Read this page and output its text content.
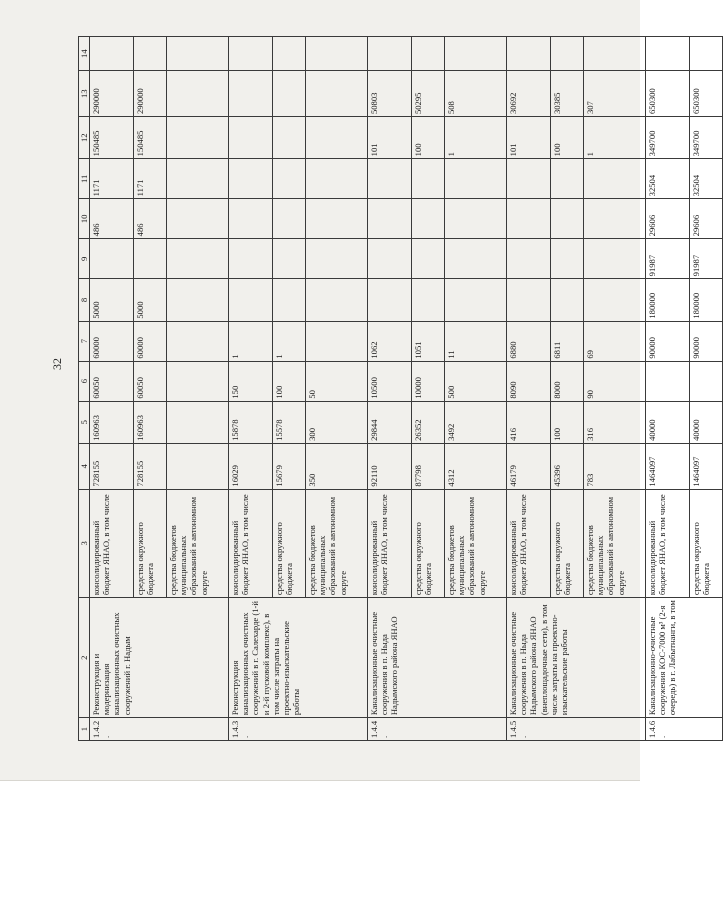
32
1	2	3	4	5	6	7	8	9	10	11	12	13	14
1.4.2.	Реконструкция и модернизация канализационных очистных сооружений г. Надым	консолидированный бюджет ЯНАО, в том числе	728155	160963	60050	60000	5000		486	1171	150485	290000	
		средства окружного бюджета	728155	160963	60050	60000	5000		486	1171	150485	290000	
		средства бюджетов муниципальных образований в автономном округе											
1.4.3.	Реконструкция канализационных очистных сооружений в г. Салехарде (1-й и 2-й пусковой комплекс), в том числе затраты на проектно-изыскательские работы	консолидированный бюджет ЯНАО, в том числе	16029	15878	150	1							
		средства окружного бюджета	15679	15578	100	1							
		средства бюджетов муниципальных образований в автономном округе	350	300	50								
1.4.4.	Канализационные очистные сооружения в п. Ныда Надымского района ЯНАО	консолидированный бюджет ЯНАО, в том числе	92110	29844	10500	1062					101	50803	
		средства окружного бюджета	87798	26352	10000	1051					100	50295	
		средства бюджетов муниципальных образований в автономном округе	4312	3492	500	11					1	508	
1.4.5.	Канализационные очистные сооружения в п. Ныда Надымского района ЯНАО (внеплощадочные сети), в том числе затраты на проектно-изыскательские работы	консолидированный бюджет ЯНАО, в том числе	46179	416	8090	6880					101	30692	
		средства окружного бюджета	45396	100	8000	6811					100	30385	
		средства бюджетов муниципальных образований в автономном округе	783	316	90	69					1	307	
1.4.6.	Канализационно-очистные сооружения КОС-7000 м³ (2-я очередь) в г. Лабытнанги, в том	консолидированный бюджет ЯНАО, в том числе	1464097	40000		90000	180000	91987	29606	32504	349700	650300	
		средства окружного бюджета	1464097	40000		90000	180000	91987	29606	32504	349700	650300	
